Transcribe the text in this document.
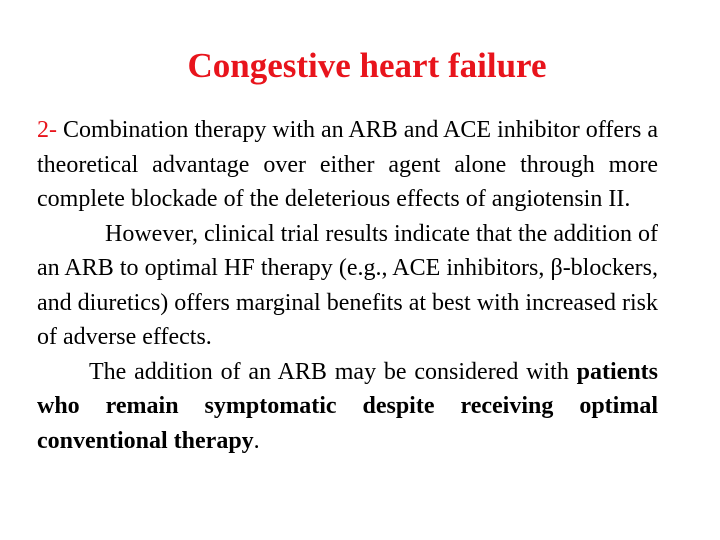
Congestive heart failure

2- Combination therapy with an ARB and ACE inhibitor offers a theoretical advantage over either agent alone through more complete blockade of the deleterious effects of angiotensin II.

However, clinical trial results indicate that the addition of an ARB to optimal HF therapy (e.g., ACE inhibitors, β-blockers, and diuretics) offers marginal benefits at best with increased risk of adverse effects.

The addition of an ARB may be considered with patients who remain symptomatic despite receiving optimal conventional therapy.
